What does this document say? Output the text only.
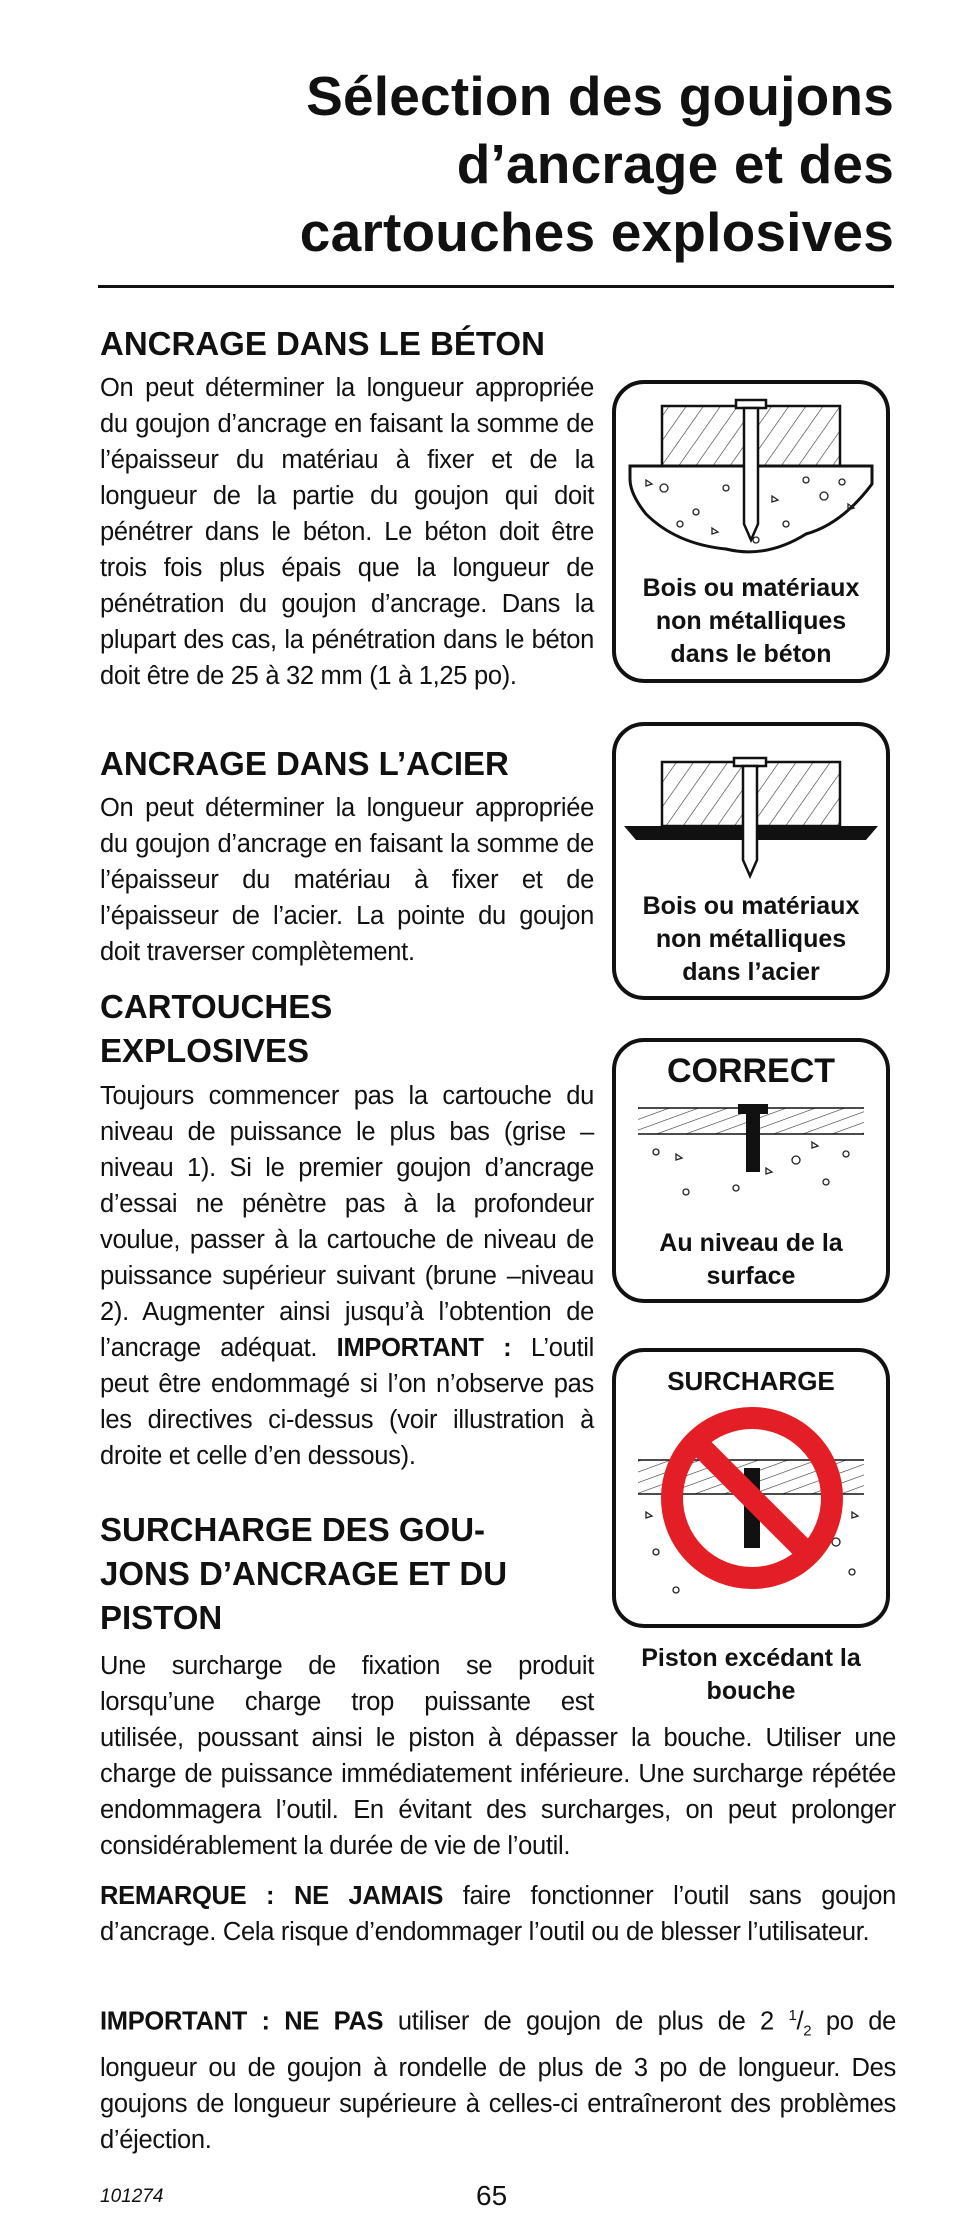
Sélection des goujons
d’ancrage et des
cartouches explosives
ANCRAGE DANS LE BÉTON

On peut déterminer la longueur appropriée du goujon d’ancrage en faisant la somme de l’épaisseur du matériau à fixer et de la longueur de la partie du goujon qui doit pénétrer dans le béton. Le béton doit être trois fois plus épais que la longueur de pénétration du goujon d’ancrage. Dans la plupart des cas, la pénétration dans le béton doit être de 25 à 32 mm (1 à 1,25 po).

ANCRAGE DANS L’ACIER

On peut déterminer la longueur appropriée du goujon d’ancrage en faisant la somme de l’épaisseur du matériau à fixer et de l’épaisseur de l’acier. La pointe du goujon doit traverser complètement.

CARTOUCHES
EXPLOSIVES

Toujours commencer pas la cartouche du niveau de puissance le plus bas (grise – niveau 1). Si le premier goujon d’ancrage d’essai ne pénètre pas à la profondeur voulue, passer à la cartouche de niveau de puissance supérieur suivant (brune –niveau 2). Augmenter ainsi jusqu’à l’obtention de l’ancrage adéquat. IMPORTANT : L’outil peut être endommagé si l’on n’observe pas les directives ci-dessus (voir illustration à droite et celle d’en dessous).

SURCHARGE DES GOU-
JONS D’ANCRAGE ET DU
PISTON

Une surcharge de fixation se produit
lorsqu’une charge trop puissante est

utilisée, poussant ainsi le piston à dépasser la bouche. Utiliser une charge de puissance immédiatement inférieure. Une surcharge répétée endommagera l’outil. En évitant des surcharges, on peut prolonger considérablement la durée de vie de l’outil.

REMARQUE : NE JAMAIS faire fonctionner l’outil sans goujon d’ancrage. Cela risque d’endommager l’outil ou de blesser l’utilisateur.

IMPORTANT : NE PAS utiliser de goujon de plus de 2 $^1/_2$ po de longueur ou de goujon à rondelle de plus de 3 po de longueur. Des goujons de longueur supérieure à celles-ci entraîneront des problèmes d’éjection.

Bois ou matériaux
non métalliques
dans le béton

Bois ou matériaux
non métalliques
dans l’acier

CORRECT

Au niveau de la
surface

SURCHARGE

Piston excédant la
bouche

101274	65
